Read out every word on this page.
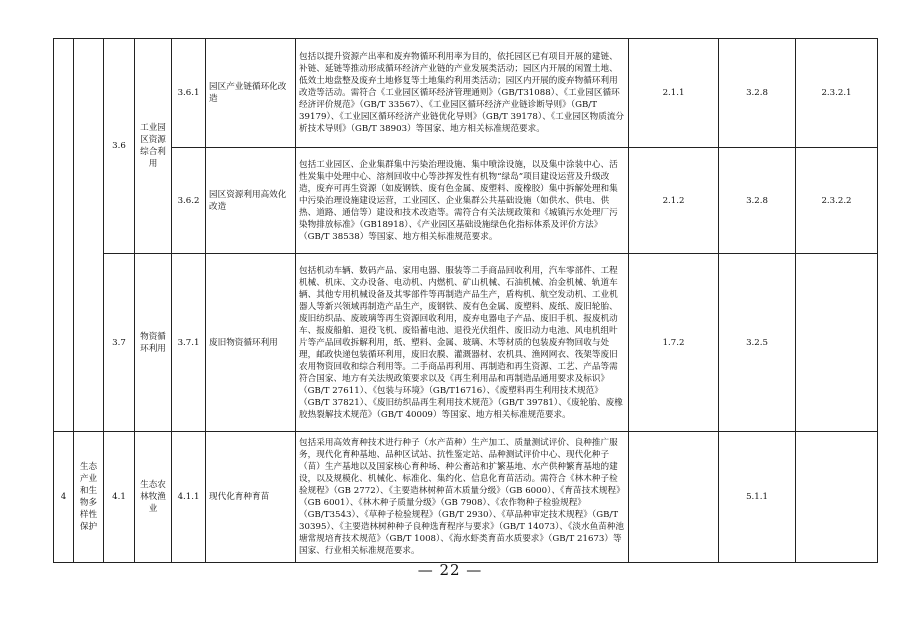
		3.6	工业园区资源综合利用	3.6.1	园区产业链循环化改造	包括以提升资源产出率和废弃物循环利用率为目的，依托园区已有项目开展的建链、补链、延链等推动形成循环经济产业链的产业发展类活动；园区内开展的闲置土地、低效土地盘整及废弃土地修复等土地集约利用类活动；园区内开展的废弃物循环利用改造等活动。需符合《工业园区循环经济管理通则》（GB/T31088）、《工业园区循环经济评价规范》（GB/T 33567）、《工业园区循环经济产业链诊断导则》（GB/T 39179）、《工业园区循环经济产业链优化导则》（GB/T 39178）、《工业园区物质流分析技术导则》（GB/T 38903）等国家、地方相关标准规范要求。	2.1.1	3.2.8	2.3.2.1
				3.6.2	园区资源利用高效化改造	包括工业园区、企业集群集中污染治理设施、集中喷涂设施，以及集中涂装中心、活性炭集中处理中心、溶剂回收中心等涉挥发性有机物“绿岛”项目建设运营及升级改造，废弃可再生资源（如废钢铁、废有色金属、废塑料、废橡胶）集中拆解处理和集中污染治理设施建设运营，工业园区、企业集群公共基础设施（如供水、供电、供热、道路、通信等）建设和技术改造等。需符合有关法规政策和《城镇污水处理厂污染物排放标准》（GB18918）、《产业园区基础设施绿色化指标体系及评价方法》（GB/T 38538）等国家、地方相关标准规范要求。	2.1.2	3.2.8	2.3.2.2
		3.7	物资循环利用	3.7.1	废旧物资循环利用	包括机动车辆、数码产品、家用电器、服装等二手商品回收利用，汽车零部件、工程机械、机床、文办设备、电动机、内燃机、矿山机械、石油机械、冶金机械、轨道车辆、其他专用机械设备及其零部件等再制造产品生产，盾构机、航空发动机、工业机器人等新兴领域再制造产品生产，废钢铁、废有色金属、废塑料、废纸、废旧轮胎、废旧纺织品、废玻璃等再生资源回收利用，废弃电器电子产品、废旧手机、报废机动车、报废船舶、退役飞机、废铅蓄电池、退役光伏组件、废旧动力电池、风电机组叶片等产品回收拆解利用，纸、塑料、金属、玻璃、木等材质的包装废弃物回收与处理，邮政快递包装循环利用，废旧农膜、灌溉器材、农机具、渔网网衣、筏架等废旧农用物资回收和综合利用等。二手商品再利用、再制造和再生资源、工艺、产品等需符合国家、地方有关法规政策要求以及《再生利用品和再制造品通用要求及标识》（GB/T 27611）、《包装与环境》（GB/T16716）、《废塑料再生利用技术规范》（GB/T 37821）、《废旧纺织品再生利用技术规范》（GB/T 39781）、《废轮胎、废橡胶热裂解技术规范》（GB/T 40009）等国家、地方相关标准规范要求。	1.7.2	3.2.5	
4	生态产业和生物多样性保护	4.1	生态农林牧渔业	4.1.1	现代化育种育苗	包括采用高效育种技术进行种子（水产苗种）生产加工、质量测试评价、良种推广服务，现代化育种基地、品种区试站、抗性鉴定站、品种测试评价中心、现代化种子（苗）生产基地以及国家核心育种场、种公畜站和扩繁基地、水产供种繁育基地的建设，以及规模化、机械化、标准化、集约化、信息化育苗活动。需符合《林木种子检验规程》（GB 2772）、《主要造林树种苗木质量分级》（GB 6000）、《育苗技术规程》（GB 6001）、《林木种子质量分级》（GB 7908）、《农作物种子检验规程》（GB/T3543）、《草种子检验规程》（GB/T 2930）、《草品种审定技术规程》（GB/T 30395）、《主要造林树种种子良种选育程序与要求》（GB/T 14073）、《淡水鱼苗种池塘常规培育技术规范》（GB/T 1008）、《海水虾类育苗水质要求》（GB/T 21673）等国家、行业相关标准规范要求。		5.1.1	
— 22 —
